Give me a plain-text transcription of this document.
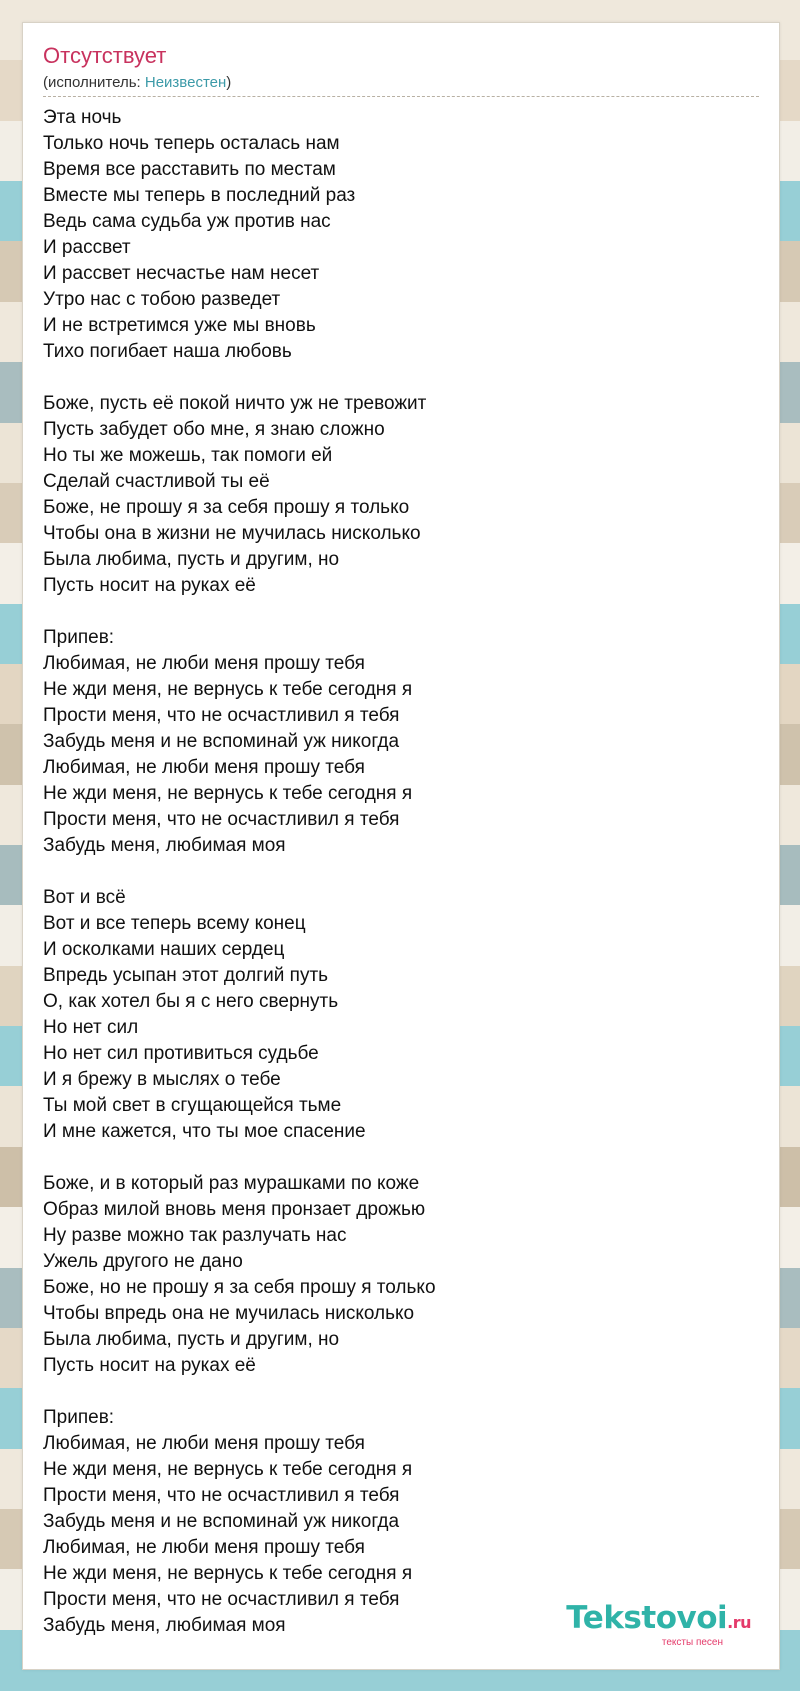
Отсутствует
(исполнитель: Неизвестен)
Эта ночь
Только ночь теперь осталась нам
Время все расставить по местам
Вместе мы теперь в последний раз
Ведь сама судьба уж против нас
И рассвет
И рассвет несчастье нам несет
Утро нас с тобою разведет
И не встретимся уже мы вновь
Тихо погибает наша любовь
Боже, пусть её покой ничто уж не тревожит
Пусть забудет обо мне, я знаю сложно
Но ты же можешь, так помоги ей
Сделай счастливой ты её
Боже, не прошу я за себя прошу я только
Чтобы она в жизни не мучилась нисколько
Была любима, пусть и другим, но
Пусть носит на руках её
Припев:
Любимая, не люби меня прошу тебя
Не жди меня, не вернусь к тебе сегодня я
Прости меня, что не осчастливил я тебя
Забудь меня и не вспоминай уж никогда
Любимая, не люби меня прошу тебя
Не жди меня, не вернусь к тебе сегодня я
Прости меня, что не осчастливил я тебя
Забудь меня, любимая моя
Вот и всё
Вот и все теперь всему конец
И осколками наших сердец
Впредь усыпан этот долгий путь
О, как хотел бы я с него свернуть
Но нет сил
Но нет сил противиться судьбе
И я брежу в мыслях о тебе
Ты мой свет в сгущающейся тьме
И мне кажется, что ты мое спасение
Боже, и в который раз мурашками по коже
Образ милой вновь меня пронзает дрожью
Ну разве можно так разлучать нас
Ужель другого не дано
Боже, но не прошу я за себя прошу я только
Чтобы впредь она не мучилась нисколько
Была любима, пусть и другим, но
Пусть носит на руках её
Припев:
Любимая, не люби меня прошу тебя
Не жди меня, не вернусь к тебе сегодня я
Прости меня, что не осчастливил я тебя
Забудь меня и не вспоминай уж никогда
Любимая, не люби меня прошу тебя
Не жди меня, не вернусь к тебе сегодня я
Прости меня, что не осчастливил я тебя
Забудь меня, любимая моя	Tekstovoi.ru
тексты песен
